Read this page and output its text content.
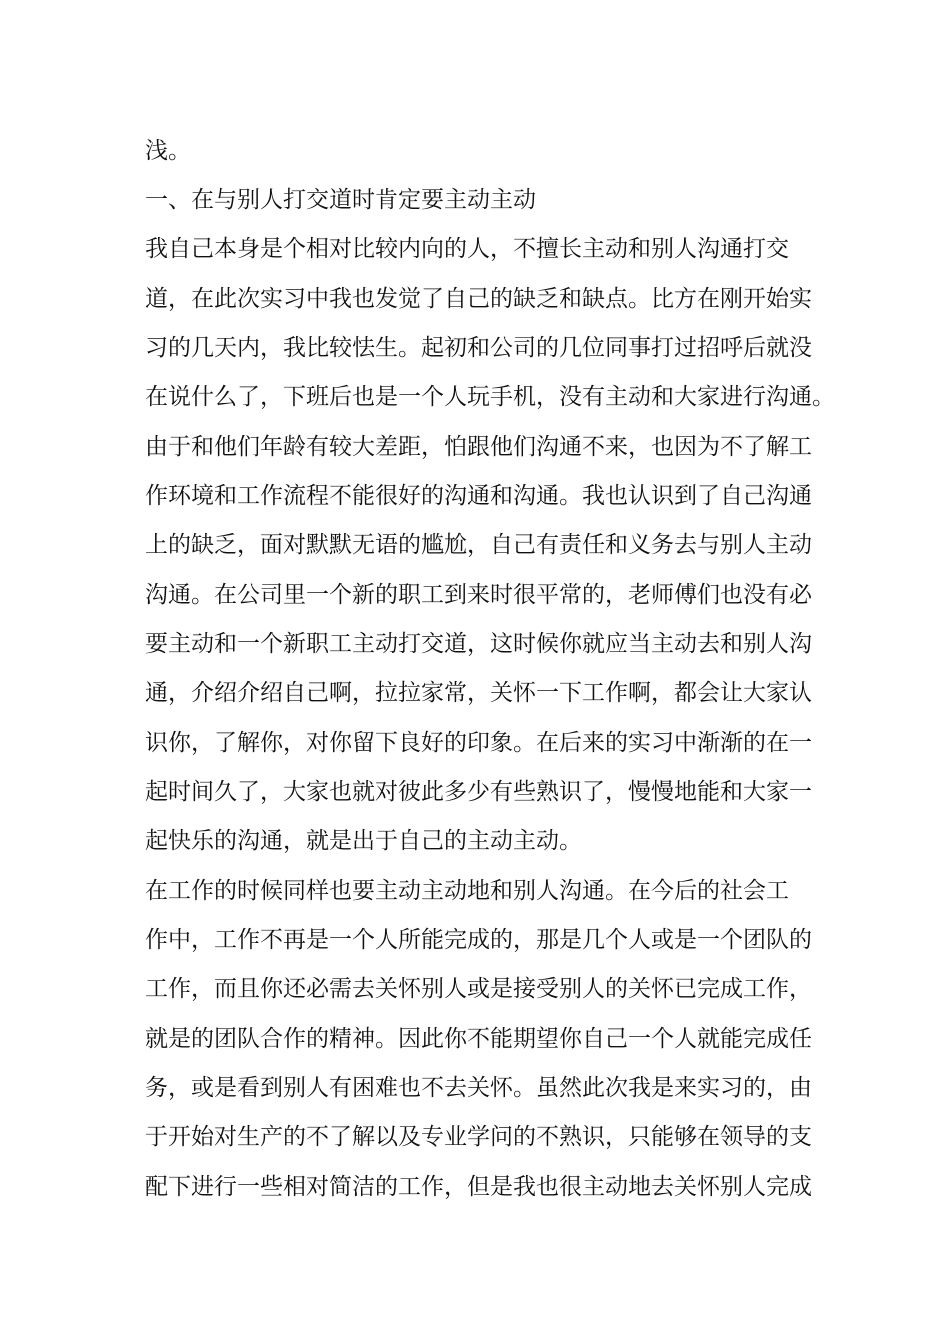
浅。
一、在与别人打交道时肯定要主动主动
我自己本身是个相对比较内向的人，不擅长主动和别人沟通打交
道，在此次实习中我也发觉了自己的缺乏和缺点。比方在刚开始实
习的几天内，我比较怯生。起初和公司的几位同事打过招呼后就没
在说什么了，下班后也是一个人玩手机，没有主动和大家进行沟通。
由于和他们年龄有较大差距，怕跟他们沟通不来，也因为不了解工
作环境和工作流程不能很好的沟通和沟通。我也认识到了自己沟通
上的缺乏，面对默默无语的尴尬，自己有责任和义务去与别人主动
沟通。在公司里一个新的职工到来时很平常的，老师傅们也没有必
要主动和一个新职工主动打交道，这时候你就应当主动去和别人沟
通，介绍介绍自己啊，拉拉家常，关怀一下工作啊，都会让大家认
识你，了解你，对你留下良好的印象。在后来的实习中渐渐的在一
起时间久了，大家也就对彼此多少有些熟识了，慢慢地能和大家一
起快乐的沟通，就是出于自己的主动主动。
在工作的时候同样也要主动主动地和别人沟通。在今后的社会工
作中，工作不再是一个人所能完成的，那是几个人或是一个团队的
工作，而且你还必需去关怀别人或是接受别人的关怀已完成工作，
就是的团队合作的精神。因此你不能期望你自己一个人就能完成任
务，或是看到别人有困难也不去关怀。虽然此次我是来实习的，由
于开始对生产的不了解以及专业学问的不熟识，只能够在领导的支
配下进行一些相对简洁的工作，但是我也很主动地去关怀别人完成
